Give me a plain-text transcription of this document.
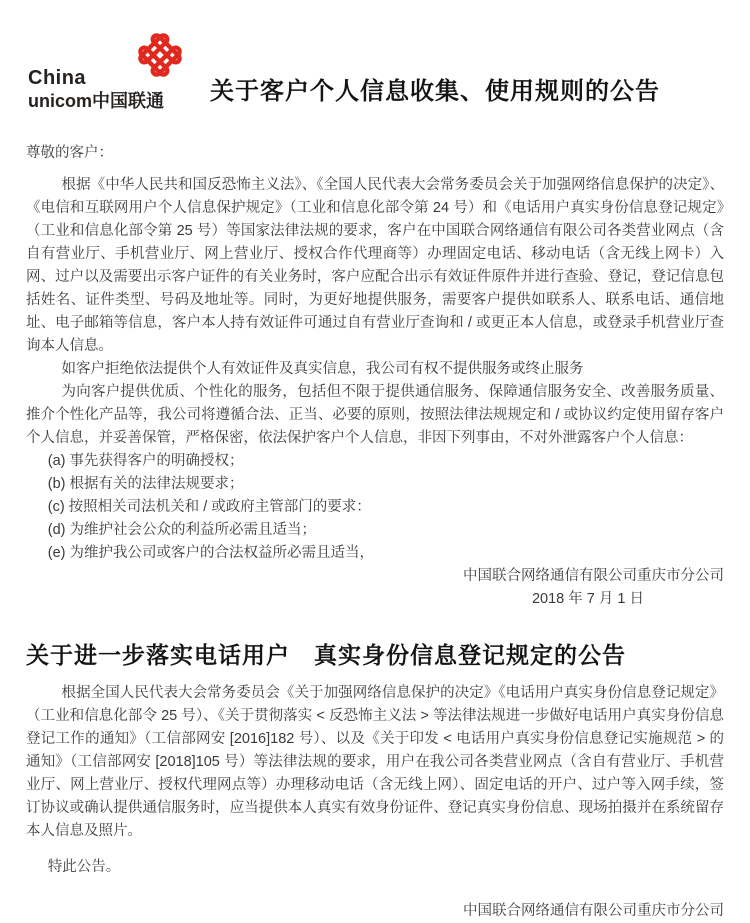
China
unicom中国联通 关于客户个人信息收集、使用规则的公告

尊敬的客户：

根据《中华人民共和国反恐怖主义法》、《全国人民代表大会常务委员会关于加强网络信息保护的决定》、《电信和互联网用户个人信息保护规定》（工业和信息化部令第 24 号）和《电话用户真实身份信息登记规定》（工业和信息化部令第 25 号）等国家法律法规的要求，客户在中国联合网络通信有限公司各类营业网点（含自有营业厅、手机营业厅、网上营业厅、授权合作代理商等）办理固定电话、移动电话（含无线上网卡）入网、过户以及需要出示客户证件的有关业务时，客户应配合出示有效证件原件并进行查验、登记，登记信息包括姓名、证件类型、号码及地址等。同时，为更好地提供服务，需要客户提供如联系人、联系电话、通信地址、电子邮箱等信息，客户本人持有效证件可通过自有营业厅查询和 / 或更正本人信息，或登录手机营业厅查询本人信息。

如客户拒绝依法提供个人有效证件及真实信息，我公司有权不提供服务或终止服务

为向客户提供优质、个性化的服务，包括但不限于提供通信服务、保障通信服务安全、改善服务质量、推介个性化产品等，我公司将遵循合法、正当、必要的原则，按照法律法规规定和 / 或协议约定使用留存客户个人信息，并妥善保管，严格保密，依法保护客户个人信息，非因下列事由，不对外泄露客户个人信息：

(a) 事先获得客户的明确授权；

(b) 根据有关的法律法规要求；

(c) 按照相关司法机关和 / 或政府主管部门的要求：

(d) 为维护社会公众的利益所必需且适当；

(e) 为维护我公司或客户的合法权益所必需且适当，

中国联合网络通信有限公司重庆市分公司

2018 年 7 月 1 日

关于进一步落实电话用户　真实身份信息登记规定的公告

根据全国人民代表大会常务委员会《关于加强网络信息保护的决定》《电话用户真实身份信息登记规定》（工业和信息化部令 25 号）、《关于贯彻落实 < 反恐怖主义法 > 等法律法规进一步做好电话用户真实身份信息登记工作的通知》（工信部网安 [2016]182 号）、以及《关于印发 < 电话用户真实身份信息登记实施规范 > 的通知》（工信部网安 [2018]105 号）等法律法规的要求，用户在我公司各类营业网点（含自有营业厅、手机营业厅、网上营业厅、授权代理网点等）办理移动电话（含无线上网）、固定电话的开户、过户等入网手续，签订协议或确认提供通信服务时，应当提供本人真实有效身份证件、登记真实身份信息、现场拍摄并在系统留存本人信息及照片。

特此公告。

中国联合网络通信有限公司重庆市分公司
